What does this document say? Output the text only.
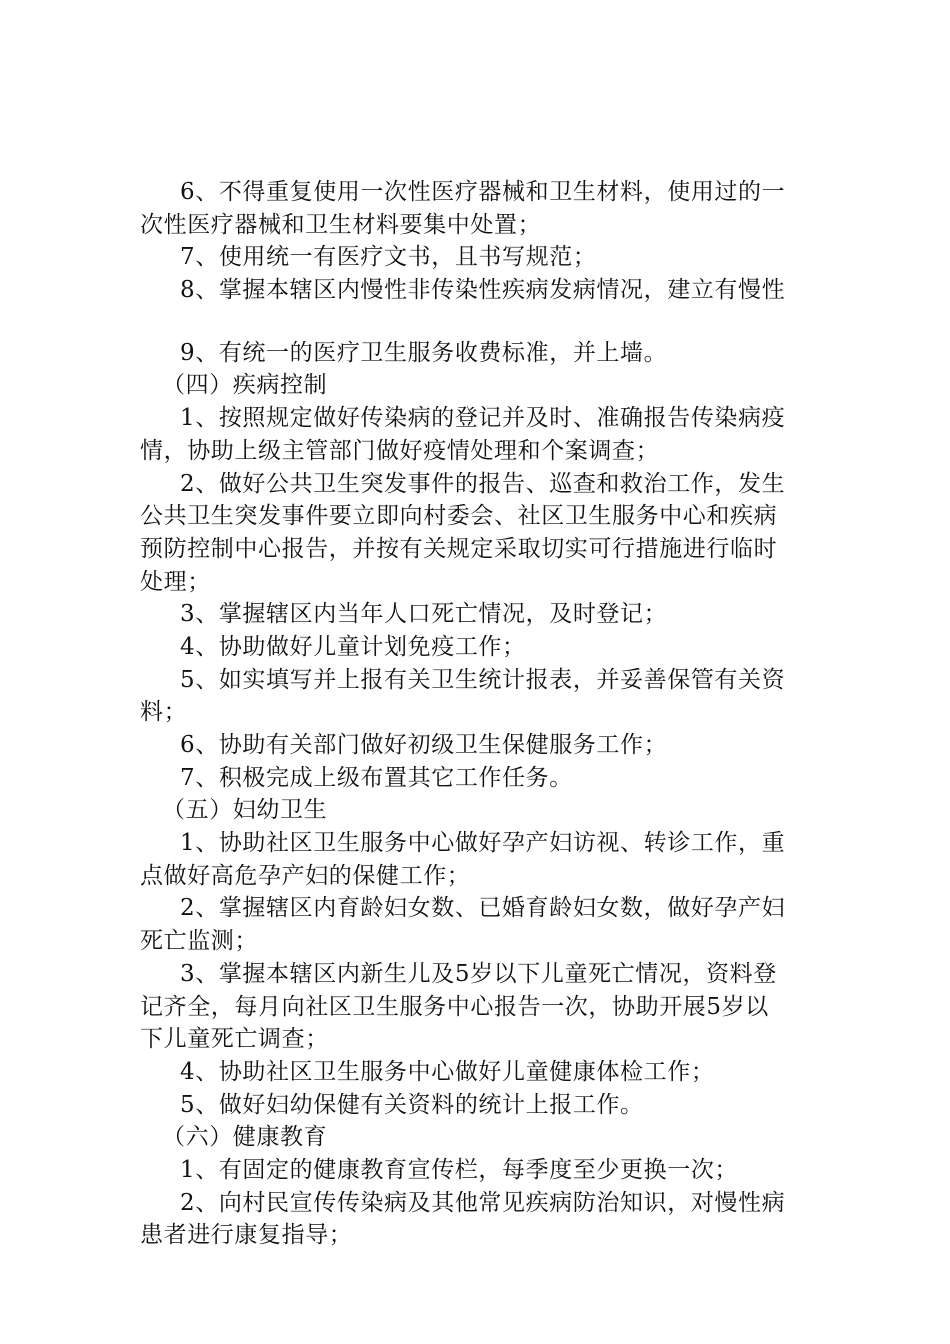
6、不得重复使用一次性医疗器械和卫生材料，使用过的一

次性医疗器械和卫生材料要集中处置；

7、使用统一有医疗文书，且书写规范；

8、掌握本辖区内慢性非传染性疾病发病情况，建立有慢性

9、有统一的医疗卫生服务收费标准，并上墙。

（四）疾病控制

1、按照规定做好传染病的登记并及时、准确报告传染病疫

情，协助上级主管部门做好疫情处理和个案调查；

2、做好公共卫生突发事件的报告、巡查和救治工作，发生

公共卫生突发事件要立即向村委会、社区卫生服务中心和疾病

预防控制中心报告，并按有关规定采取切实可行措施进行临时

处理；

3、掌握辖区内当年人口死亡情况，及时登记；

4、协助做好儿童计划免疫工作；

5、如实填写并上报有关卫生统计报表，并妥善保管有关资

料；

6、协助有关部门做好初级卫生保健服务工作；

7、积极完成上级布置其它工作任务。

（五）妇幼卫生

1、协助社区卫生服务中心做好孕产妇访视、转诊工作，重

点做好高危孕产妇的保健工作；

2、掌握辖区内育龄妇女数、已婚育龄妇女数，做好孕产妇

死亡监测；

3、掌握本辖区内新生儿及5岁以下儿童死亡情况，资料登

记齐全，每月向社区卫生服务中心报告一次，协助开展5岁以

下儿童死亡调查；

4、协助社区卫生服务中心做好儿童健康体检工作；

5、做好妇幼保健有关资料的统计上报工作。

（六）健康教育

1、有固定的健康教育宣传栏，每季度至少更换一次；

2、向村民宣传传染病及其他常见疾病防治知识，对慢性病

患者进行康复指导；
